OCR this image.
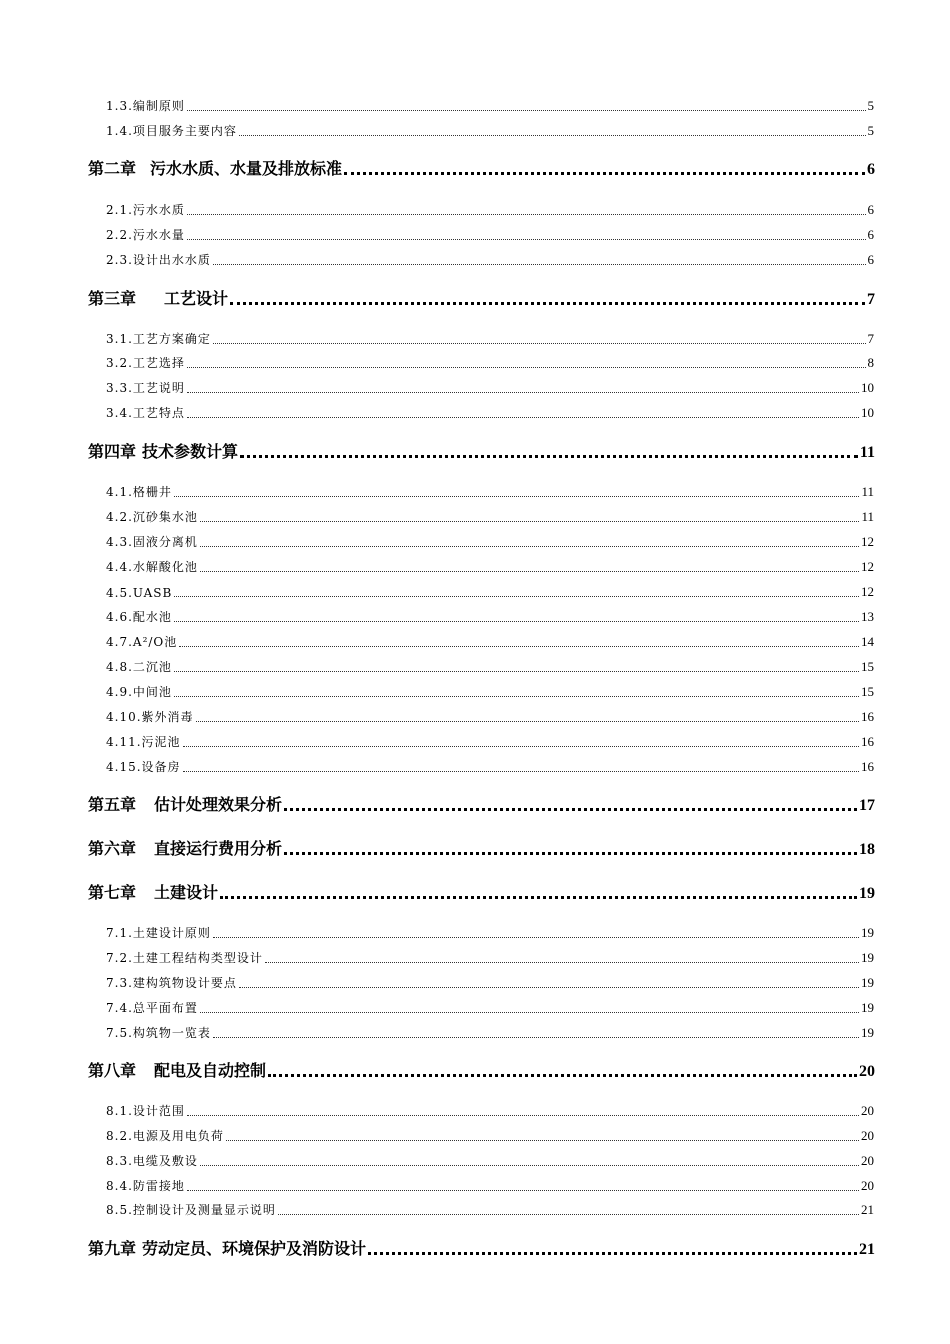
1.3.编制原则	5
1.4.项目服务主要内容	5
第二章 污水水质、水量及排放标准	6
2.1.污水水质	6
2.2.污水水量	6
2.3.设计出水水质	6
第三章 工艺设计	7
3.1.工艺方案确定	7
3.2.工艺选择	8
3.3.工艺说明	10
3.4.工艺特点	10
第四章 技术参数计算	11
4.1.格栅井	11
4.2.沉砂集水池	11
4.3.固液分离机	12
4.4.水解酸化池	12
4.5.UASB	12
4.6.配水池	13
4.7.A²/O池	14
4.8.二沉池	15
4.9.中间池	15
4.10.紫外消毒	16
4.11.污泥池	16
4.15.设备房	16
第五章 估计处理效果分析	17
第六章 直接运行费用分析	18
第七章 土建设计	19
7.1.土建设计原则	19
7.2.土建工程结构类型设计	19
7.3.建构筑物设计要点	19
7.4.总平面布置	19
7.5.构筑物一览表	19
第八章 配电及自动控制	20
8.1.设计范围	20
8.2.电源及用电负荷	20
8.3.电缆及敷设	20
8.4.防雷接地	20
8.5.控制设计及测量显示说明	21
第九章 劳动定员、环境保护及消防设计	21
